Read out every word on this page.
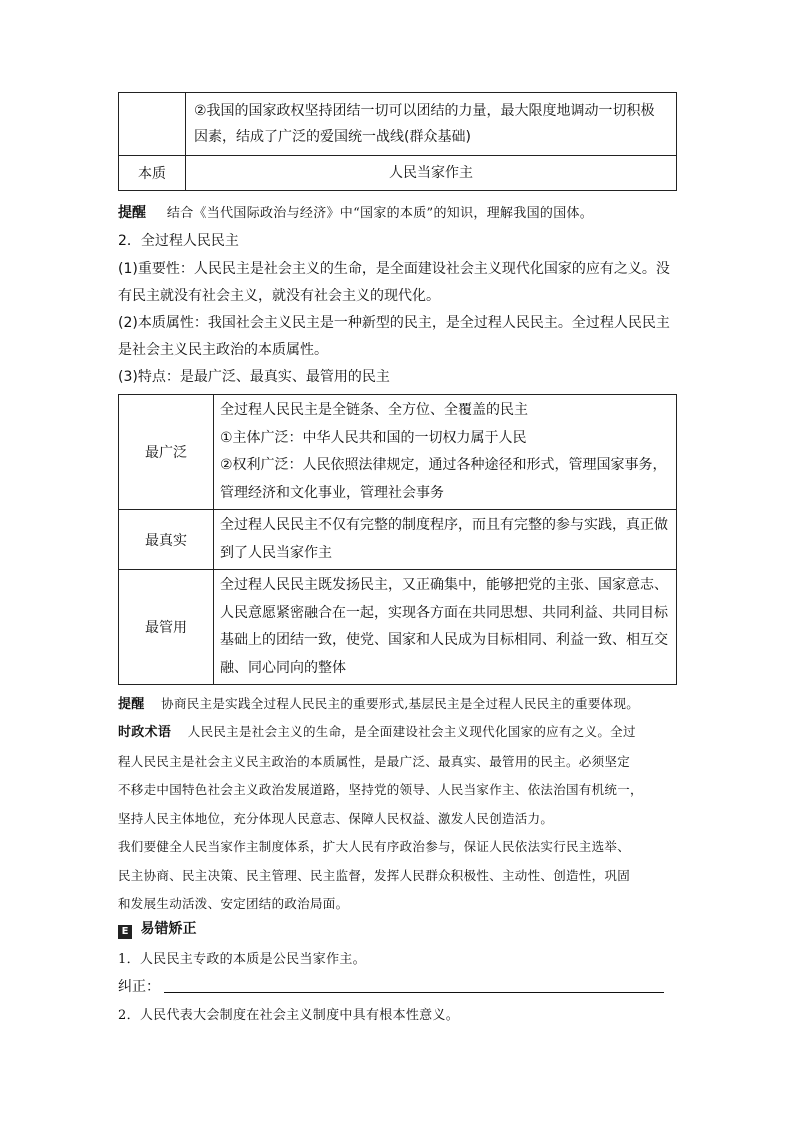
	②我国的国家政权坚持团结一切可以团结的力量，最大限度地调动一切积极因素，结成了广泛的爱国统一战线(群众基础)
本质	人民当家作主
提醒 结合《当代国际政治与经济》中“国家的本质”的知识，理解我国的国体。
2．全过程人民民主
(1)重要性：人民民主是社会主义的生命，是全面建设社会主义现代化国家的应有之义。没有民主就没有社会主义，就没有社会主义的现代化。
(2)本质属性：我国社会主义民主是一种新型的民主，是全过程人民民主。全过程人民民主是社会主义民主政治的本质属性。
(3)特点：是最广泛、最真实、最管用的民主
最广泛	全过程人民民主是全链条、全方位、全覆盖的民主
①主体广泛：中华人民共和国的一切权力属于人民
②权利广泛：人民依照法律规定，通过各种途径和形式，管理国家事务，
管理经济和文化事业，管理社会事务

最真实	全过程人民民主不仅有完整的制度程序，而且有完整的参与实践，真正做
到了人民当家作主

最管用	全过程人民民主既发扬民主，又正确集中，能够把党的主张、国家意志、
人民意愿紧密融合在一起，实现各方面在共同思想、共同利益、共同目标
基础上的团结一致，使党、国家和人民成为目标相同、利益一致、相互交
融、同心同向的整体
提醒 协商民主是实践全过程人民民主的重要形式,基层民主是全过程人民民主的重要体现。
时政术语 人民民主是社会主义的生命，是全面建设社会主义现代化国家的应有之义。全过
程人民民主是社会主义民主政治的本质属性，是最广泛、最真实、最管用的民主。必须坚定
不移走中国特色社会主义政治发展道路，坚持党的领导、人民当家作主、依法治国有机统一，
坚持人民主体地位，充分体现人民意志、保障人民权益、激发人民创造活力。
我们要健全人民当家作主制度体系，扩大人民有序政治参与，保证人民依法实行民主选举、
民主协商、民主决策、民主管理、民主监督，发挥人民群众积极性、主动性、创造性，巩固
和发展生动活泼、安定团结的政治局面。
E 易错矫正
1．人民民主专政的本质是公民当家作主。
纠正：
2．人民代表大会制度在社会主义制度中具有根本性意义。
